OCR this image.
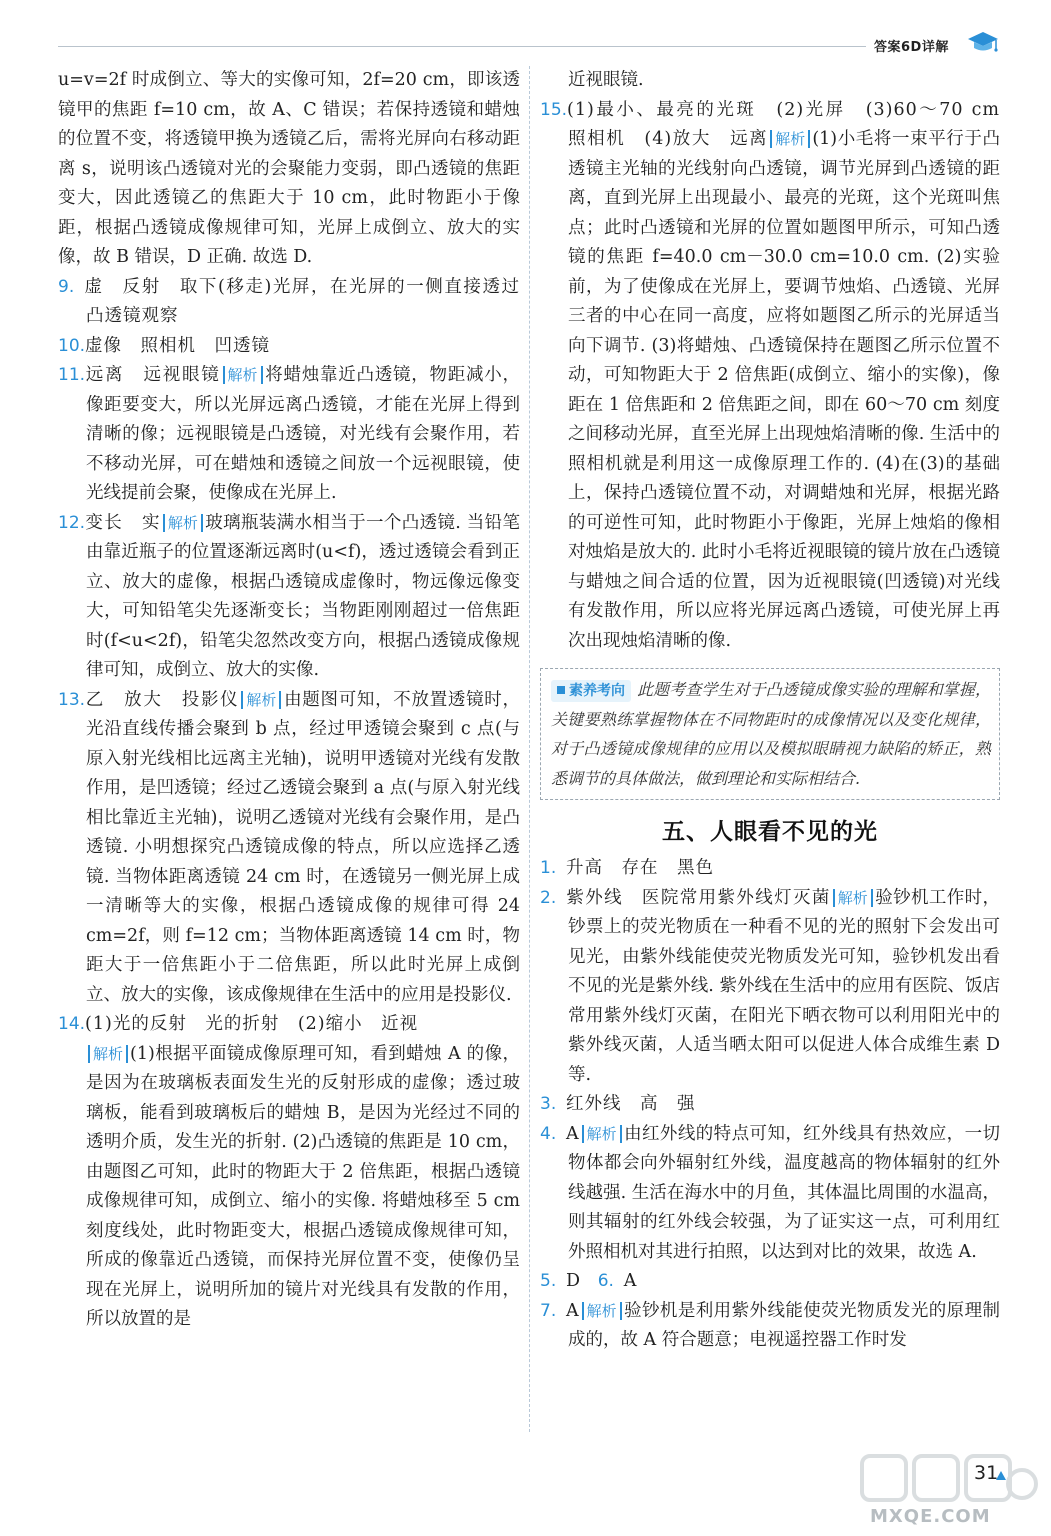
答案6D详解

u=v=2f 时成倒立、等大的实像可知，2f=20 cm，即该透镜甲的焦距 f=10 cm，故 A、C 错误；若保持透镜和蜡烛的位置不变，将透镜甲换为透镜乙后，需将光屏向右移动距离 s，说明该凸透镜对光的会聚能力变弱，即凸透镜的焦距变大，因此透镜乙的焦距大于 10 cm，此时物距小于像距，根据凸透镜成像规律可知，光屏上成倒立、放大的实像，故 B 错误，D 正确. 故选 D.

9. 虚　反射　取下(移走)光屏，在光屏的一侧直接透过凸透镜观察

10.虚像　照相机　凹透镜

11.远离　远视眼镜 解析 将蜡烛靠近凸透镜，物距减小，像距要变大，所以光屏远离凸透镜，才能在光屏上得到清晰的像；远视眼镜是凸透镜，对光线有会聚作用，若不移动光屏，可在蜡烛和透镜之间放一个远视眼镜，使光线提前会聚，使像成在光屏上.

12.变长　实 解析 玻璃瓶装满水相当于一个凸透镜. 当铅笔由靠近瓶子的位置逐渐远离时(u<f)，透过透镜会看到正立、放大的虚像，根据凸透镜成虚像时，物远像远像变大，可知铅笔尖先逐渐变长；当物距刚刚超过一倍焦距时(f<u<2f)，铅笔尖忽然改变方向，根据凸透镜成像规律可知，成倒立、放大的实像.

13.乙　放大　投影仪 解析 由题图可知，不放置透镜时，光沿直线传播会聚到 b 点，经过甲透镜会聚到 c 点(与原入射光线相比远离主光轴)，说明甲透镜对光线有发散作用，是凹透镜；经过乙透镜会聚到 a 点(与原入射光线相比靠近主光轴)，说明乙透镜对光线有会聚作用，是凸透镜. 小明想探究凸透镜成像的特点，所以应选择乙透镜. 当物体距离透镜 24 cm 时，在透镜另一侧光屏上成一清晰等大的实像，根据凸透镜成像的规律可得 24 cm=2f，则 f=12 cm；当物体距离透镜 14 cm 时，物距大于一倍焦距小于二倍焦距，所以此时光屏上成倒立、放大的实像，该成像规律在生活中的应用是投影仪.

14.(1)光的反射　光的折射　(2)缩小　近视
解析 (1)根据平面镜成像原理可知，看到蜡烛 A 的像，是因为在玻璃板表面发生光的反射形成的虚像；透过玻璃板，能看到玻璃板后的蜡烛 B，是因为光经过不同的透明介质，发生光的折射. (2)凸透镜的焦距是 10 cm，由题图乙可知，此时的物距大于 2 倍焦距，根据凸透镜成像规律可知，成倒立、缩小的实像. 将蜡烛移至 5 cm 刻度线处，此时物距变大，根据凸透镜成像规律可知，所成的像靠近凸透镜，而保持光屏位置不变，使像仍呈现在光屏上，说明所加的镜片对光线具有发散的作用，所以放置的是

近视眼镜.

15.(1)最小、最亮的光斑　(2)光屏　(3)60～70 cm　照相机　(4)放大　远离 解析 (1)小毛将一束平行于凸透镜主光轴的光线射向凸透镜，调节光屏到凸透镜的距离，直到光屏上出现最小、最亮的光斑，这个光斑叫焦点；此时凸透镜和光屏的位置如题图甲所示，可知凸透镜的焦距 f=40.0 cm－30.0 cm=10.0 cm. (2)实验前，为了使像成在光屏上，要调节烛焰、凸透镜、光屏三者的中心在同一高度，应将如题图乙所示的光屏适当向下调节. (3)将蜡烛、凸透镜保持在题图乙所示位置不动，可知物距大于 2 倍焦距(成倒立、缩小的实像)，像距在 1 倍焦距和 2 倍焦距之间，即在 60～70 cm 刻度之间移动光屏，直至光屏上出现烛焰清晰的像. 生活中的照相机就是利用这一成像原理工作的. (4)在(3)的基础上，保持凸透镜位置不动，对调蜡烛和光屏，根据光路的可逆性可知，此时物距小于像距，光屏上烛焰的像相对烛焰是放大的. 此时小毛将近视眼镜的镜片放在凸透镜与蜡烛之间合适的位置，因为近视眼镜(凹透镜)对光线有发散作用，所以应将光屏远离凸透镜，可使光屏上再次出现烛焰清晰的像.

素养考向 此题考查学生对于凸透镜成像实验的理解和掌握，关键要熟练掌握物体在不同物距时的成像情况以及变化规律，对于凸透镜成像规律的应用以及模拟眼睛视力缺陷的矫正，熟悉调节的具体做法，做到理论和实际相结合.
五、人眼看不见的光

1. 升高　存在　黑色

2. 紫外线　医院常用紫外线灯灭菌 解析 验钞机工作时，钞票上的荧光物质在一种看不见的光的照射下会发出可见光，由紫外线能使荧光物质发光可知，验钞机发出看不见的光是紫外线. 紫外线在生活中的应用有医院、饭店常用紫外线灯灭菌，在阳光下晒衣物可以利用阳光中的紫外线灭菌，人适当晒太阳可以促进人体合成维生素 D 等.

3. 红外线　高　强

4. A 解析 由红外线的特点可知，红外线具有热效应，一切物体都会向外辐射红外线，温度越高的物体辐射的红外线越强. 生活在海水中的月鱼，其体温比周围的水温高，则其辐射的红外线会较强，为了证实这一点，可利用红外照相机对其进行拍照，以达到对比的效果，故选 A.

5. D 6. A

7. A 解析 验钞机是利用紫外线能使荧光物质发光的原理制成的，故 A 符合题意；电视遥控器工作时发

MXQE.COM
31
